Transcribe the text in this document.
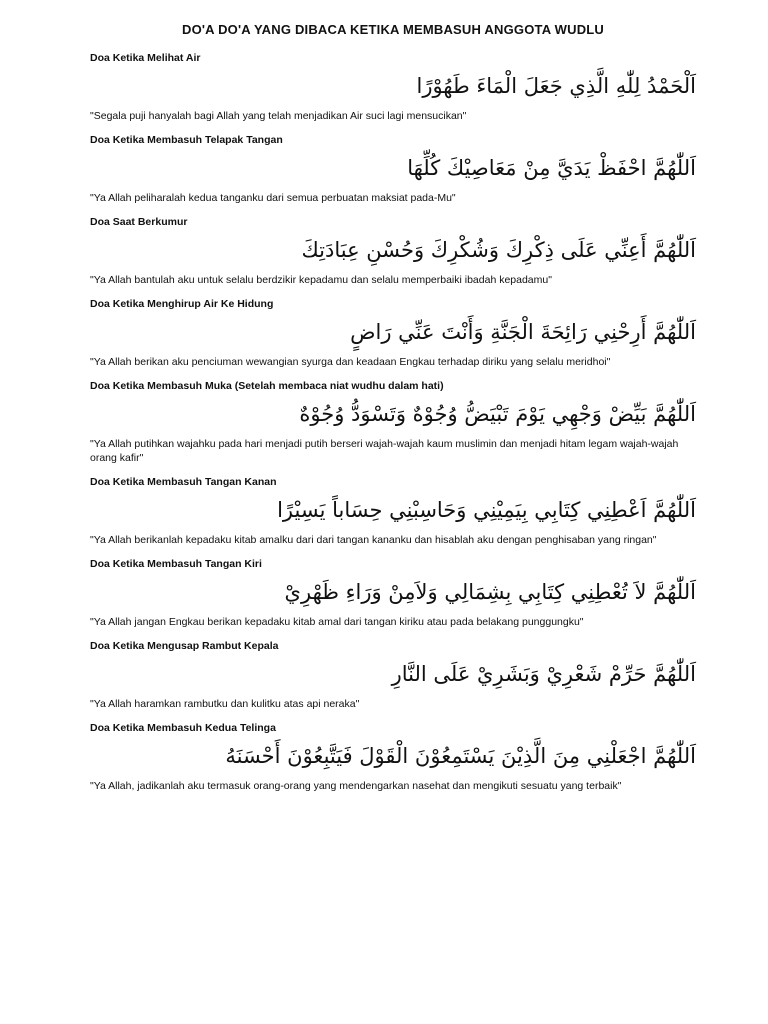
DO'A DO'A YANG DIBACA KETIKA MEMBASUH ANGGOTA WUDLU

Doa Ketika Melihat Air

اَلْحَمْدُ لِلّٰهِ الَّذِي جَعَلَ الْمَاءَ طَهُوْرًا

"Segala puji hanyalah bagi Allah yang telah menjadikan Air suci lagi mensucikan"

Doa Ketika Membasuh Telapak Tangan

اَللّٰهُمَّ احْفَظْ يَدَيَّ مِنْ مَعَاصِيْكَ كُلِّهَا

"Ya Allah peliharalah kedua tanganku dari semua perbuatan maksiat pada-Mu"

Doa Saat Berkumur

اَللّٰهُمَّ أَعِنِّي عَلَى ذِكْرِكَ وَشُكْرِكَ وَحُسْنِ عِبَادَتِكَ

"Ya Allah bantulah aku untuk selalu berdzikir kepadamu dan selalu memperbaiki ibadah kepadamu"

Doa Ketika Menghirup Air Ke Hidung

اَللّٰهُمَّ أَرِحْنِي رَائِحَةَ الْجَنَّةِ وَأَنْتَ عَنِّي رَاضٍ

"Ya Allah berikan aku penciuman wewangian syurga dan keadaan Engkau terhadap diriku yang selalu meridhoi"

Doa Ketika Membasuh Muka (Setelah membaca niat wudhu dalam hati)

اَللّٰهُمَّ بَيِّضْ وَجْهِي يَوْمَ تَبْيَضُّ وُجُوْهٌ وَتَسْوَدُّ وُجُوْهٌ

"Ya Allah putihkan wajahku pada hari menjadi putih berseri wajah-wajah kaum muslimin dan menjadi hitam legam wajah-wajah orang kafir"

Doa Ketika Membasuh Tangan Kanan

اَللّٰهُمَّ اَعْطِنِي كِتَابِي بِيَمِيْنِي وَحَاسِبْنِي حِسَاباً يَسِيْرًا

"Ya Allah berikanlah kepadaku kitab amalku dari dari tangan kananku dan hisablah aku dengan penghisaban yang ringan"

Doa Ketika Membasuh Tangan Kiri

اَللّٰهُمَّ لاَ تُعْطِنِي كِتَابِي بِشِمَالِي وَلاَمِنْ وَرَاءِ ظَهْرِيْ

"Ya Allah jangan Engkau berikan kepadaku kitab amal dari tangan kiriku atau pada belakang punggungku"

Doa Ketika Mengusap Rambut Kepala

اَللّٰهُمَّ حَرِّمْ شَعْرِيْ وَبَشَرِيْ عَلَى النَّارِ

"Ya Allah haramkan rambutku dan kulitku atas api neraka"

Doa Ketika Membasuh Kedua Telinga

اَللّٰهُمَّ اجْعَلْنِي مِنَ الَّذِيْنَ يَسْتَمِعُوْنَ الْقَوْلَ فَيَتَّبِعُوْنَ أَحْسَنَهُ

"Ya Allah, jadikanlah aku termasuk orang-orang yang mendengarkan nasehat dan mengikuti sesuatu yang terbaik"
